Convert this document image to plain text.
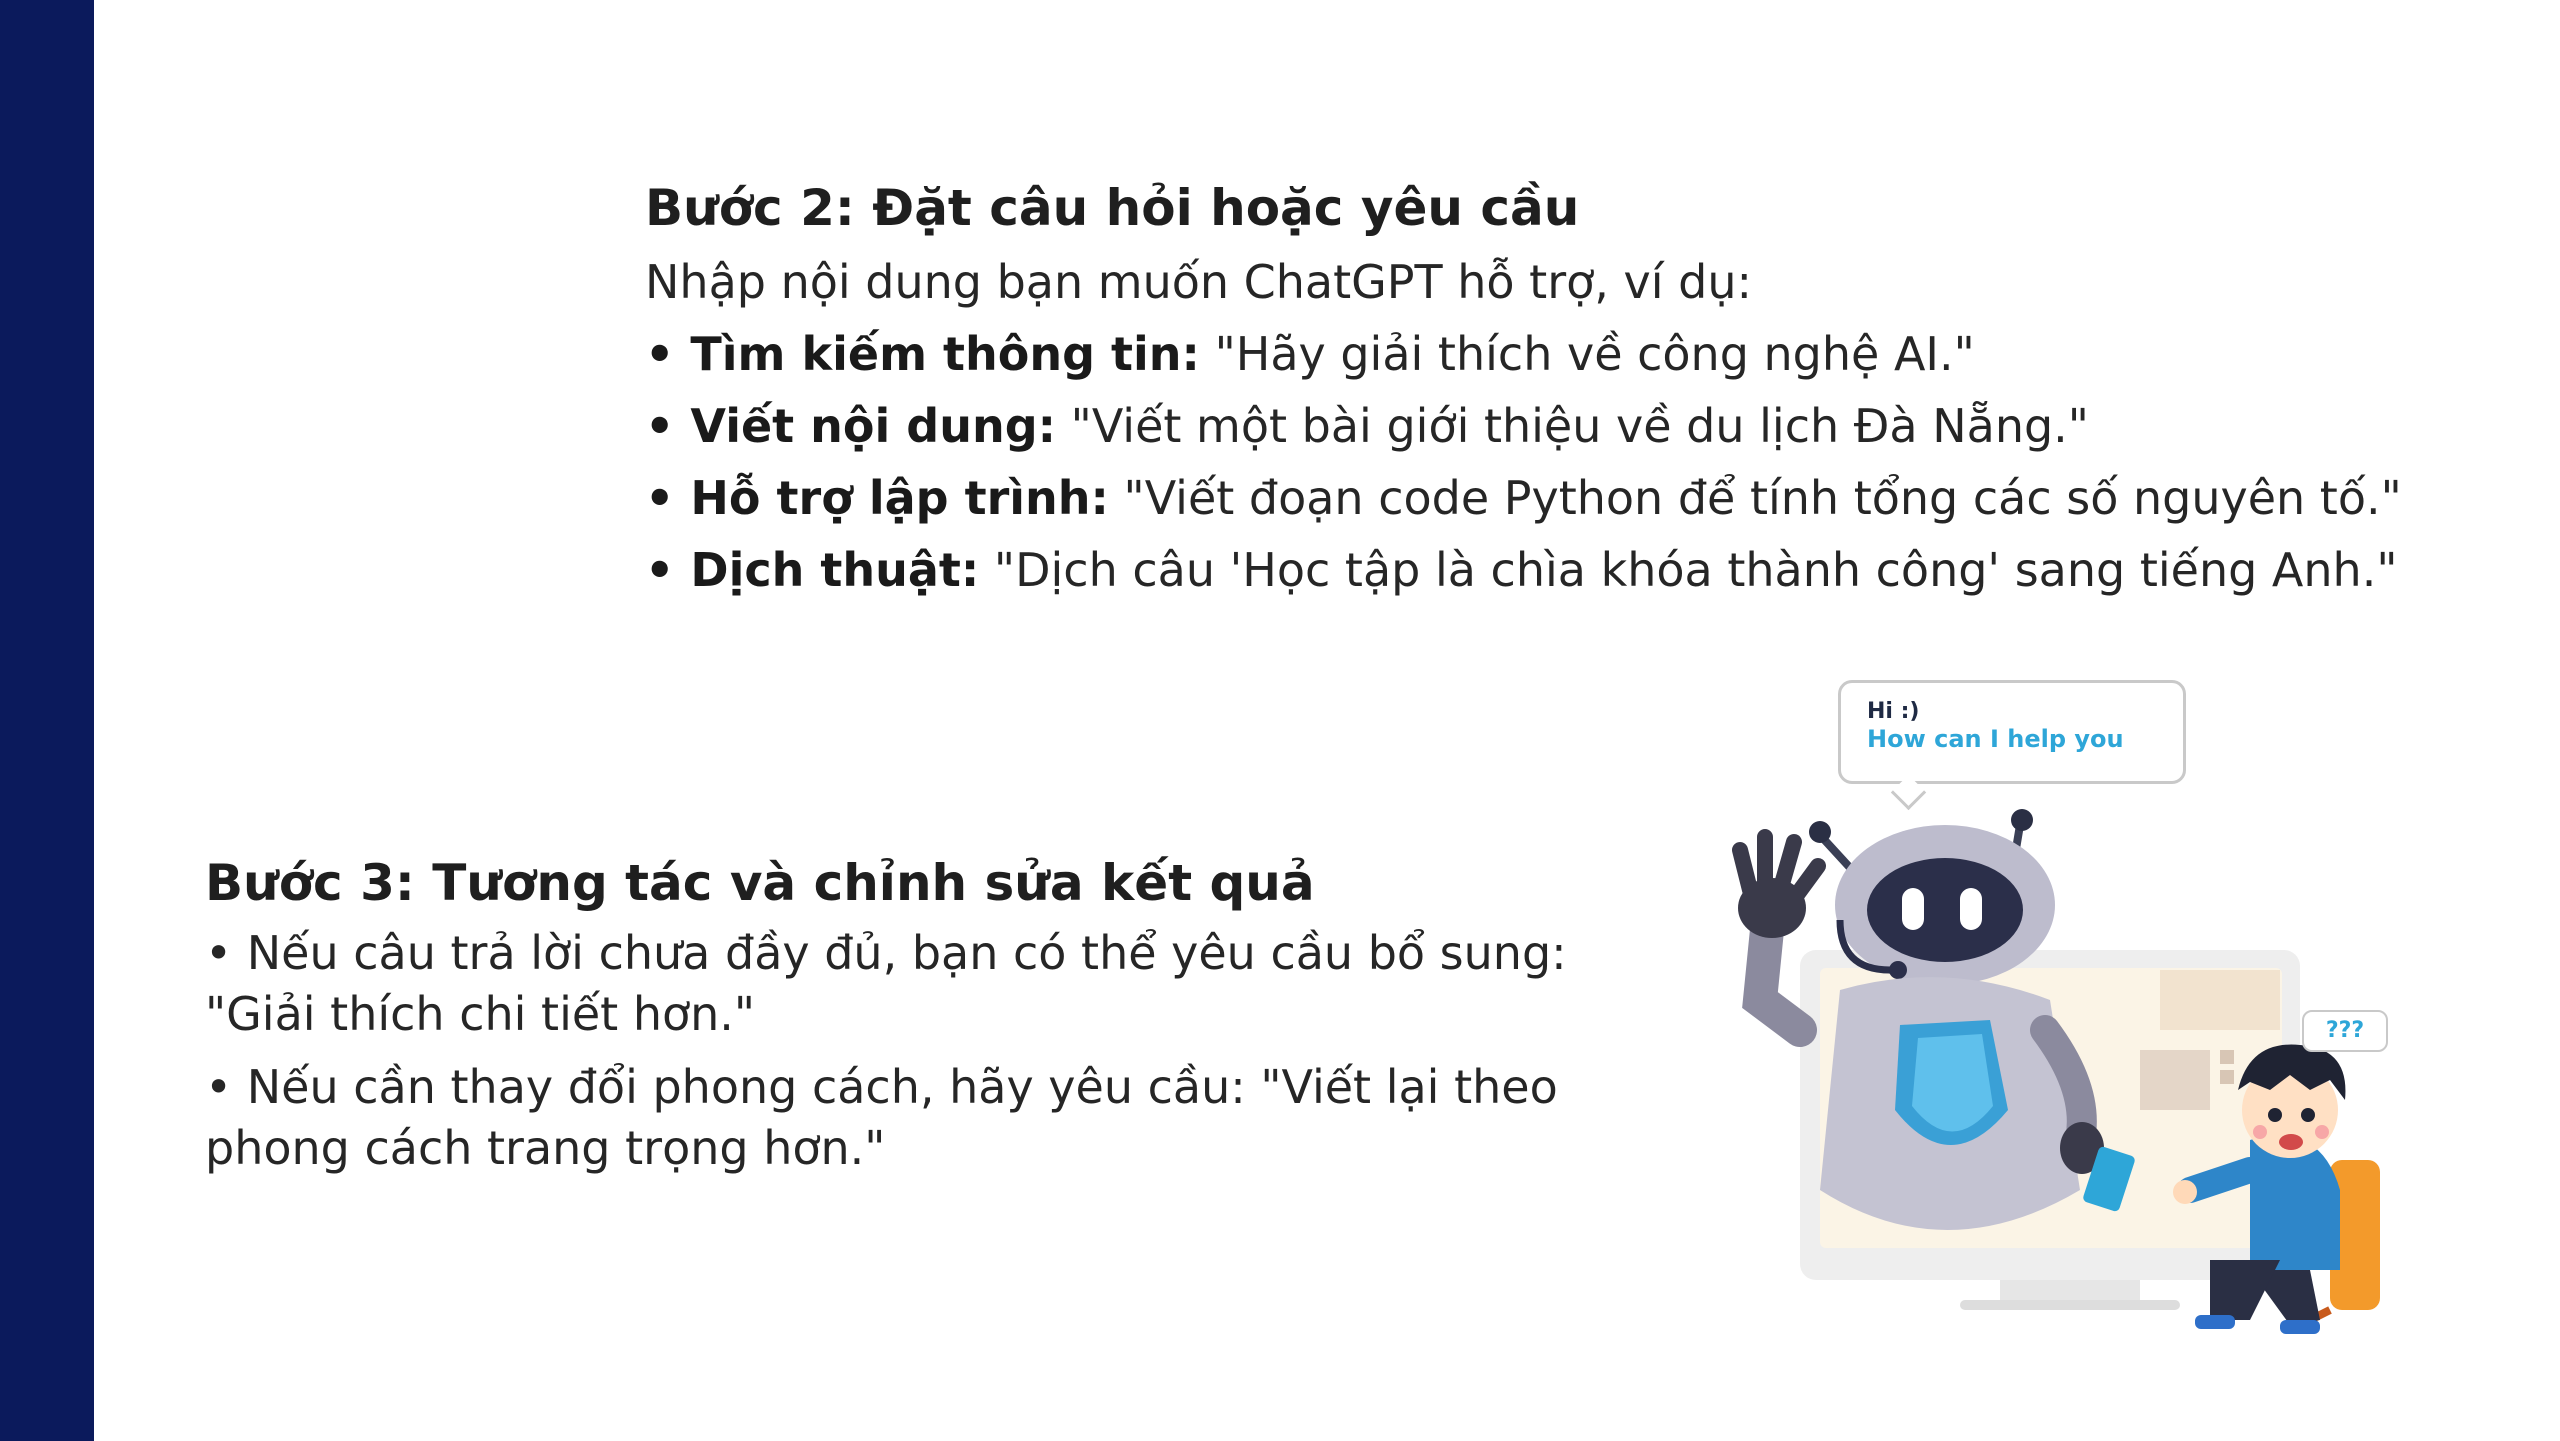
Bước 2: Đặt câu hỏi hoặc yêu cầu
Nhập nội dung bạn muốn ChatGPT hỗ trợ, ví dụ:
• Tìm kiếm thông tin: "Hãy giải thích về công nghệ AI."
• Viết nội dung: "Viết một bài giới thiệu về du lịch Đà Nẵng."
• Hỗ trợ lập trình: "Viết đoạn code Python để tính tổng các số nguyên tố."
• Dịch thuật: "Dịch câu 'Học tập là chìa khóa thành công' sang tiếng Anh."
Bước 3: Tương tác và chỉnh sửa kết quả
• Nếu câu trả lời chưa đầy đủ, bạn có thể yêu cầu bổ sung: "Giải thích chi tiết hơn."
• Nếu cần thay đổi phong cách, hãy yêu cầu: "Viết lại theo phong cách trang trọng hơn."
Hi :)
How can I help you
???
